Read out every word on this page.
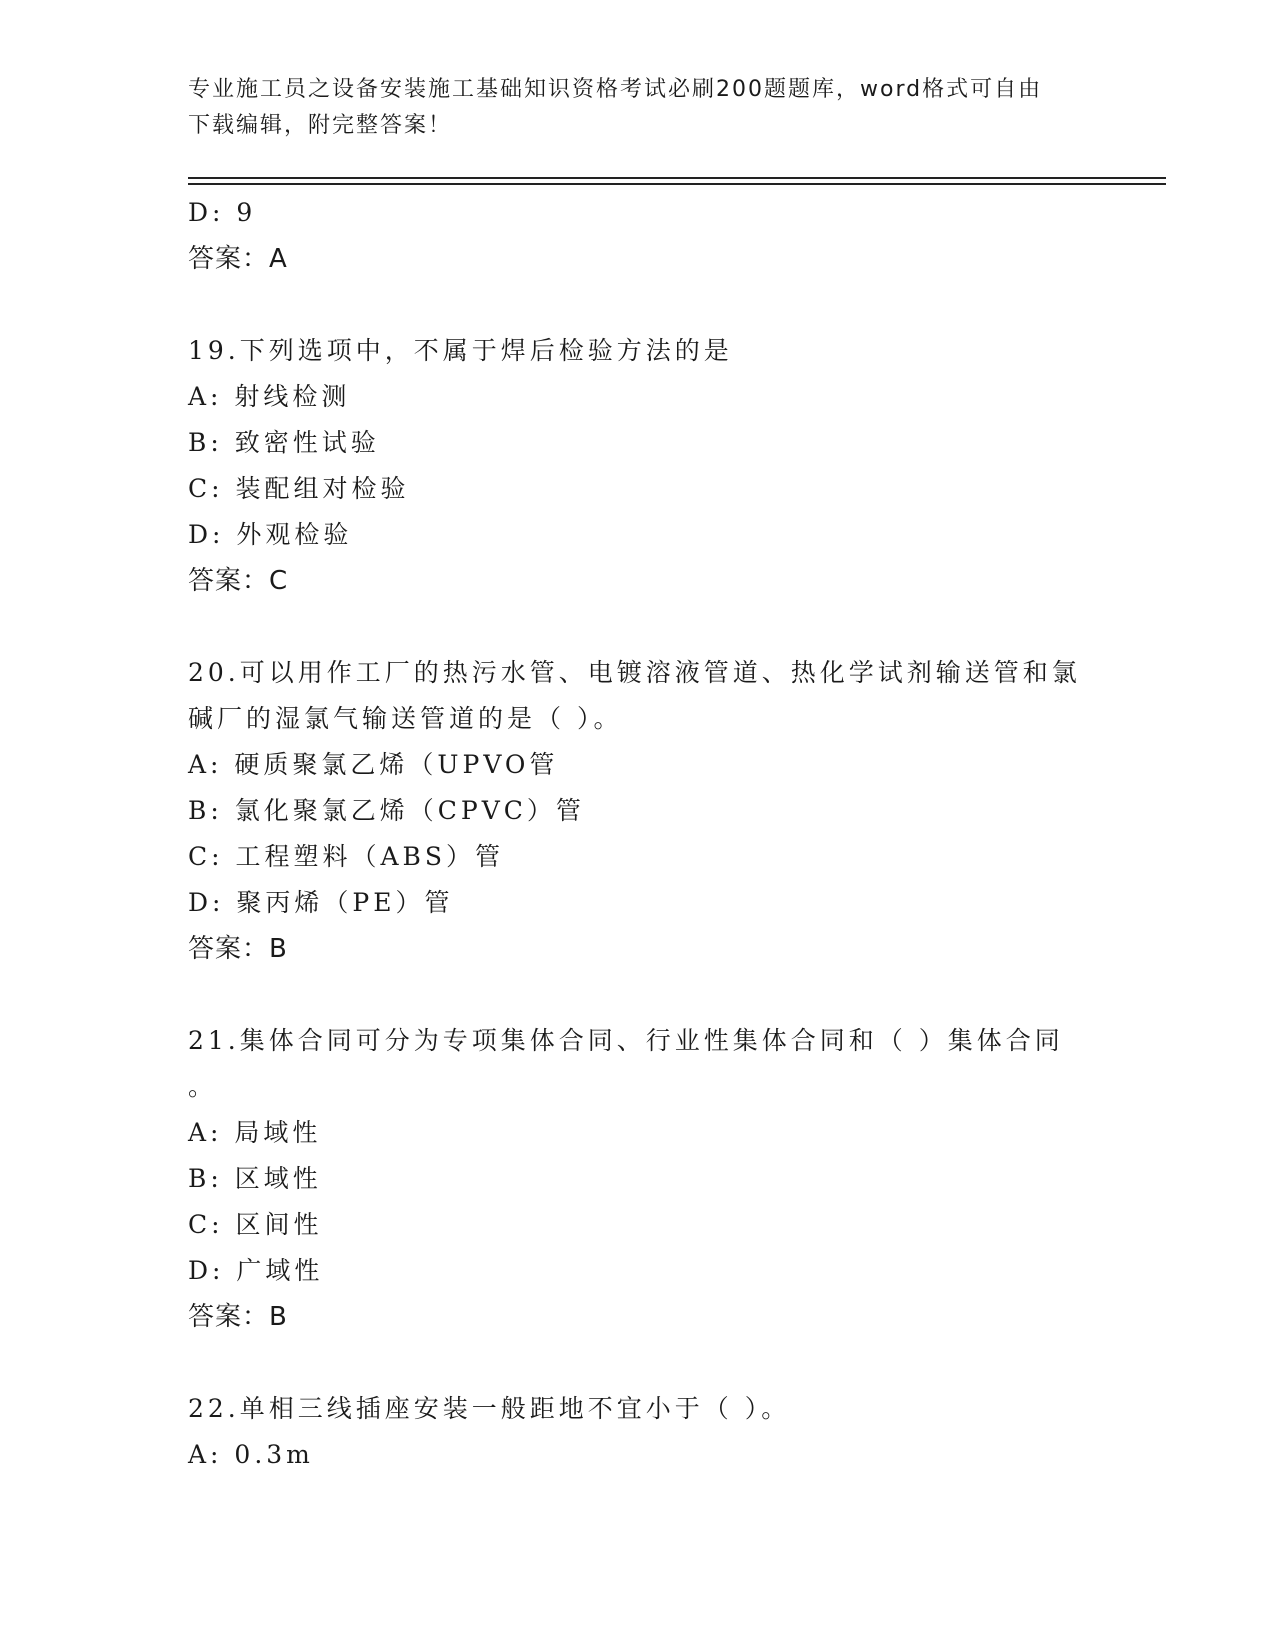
专业施工员之设备安装施工基础知识资格考试必刷200题题库，word格式可自由
下载编辑，附完整答案！
D: 9
答案：A
19.下列选项中，不属于焊后检验方法的是
A: 射线检测
B: 致密性试验
C: 装配组对检验
D: 外观检验
答案：C
20.可以用作工厂的热污水管、电镀溶液管道、热化学试剂输送管和氯
碱厂的湿氯气输送管道的是（ ）。
A: 硬质聚氯乙烯（UPVO管
B: 氯化聚氯乙烯（CPVC）管
C: 工程塑料（ABS）管
D: 聚丙烯（PE）管
答案：B
21.集体合同可分为专项集体合同、行业性集体合同和（ ）集体合同
。
A: 局域性
B: 区域性
C: 区间性
D: 广域性
答案：B
22.单相三线插座安装一般距地不宜小于（ ）。
A: 0.3m
